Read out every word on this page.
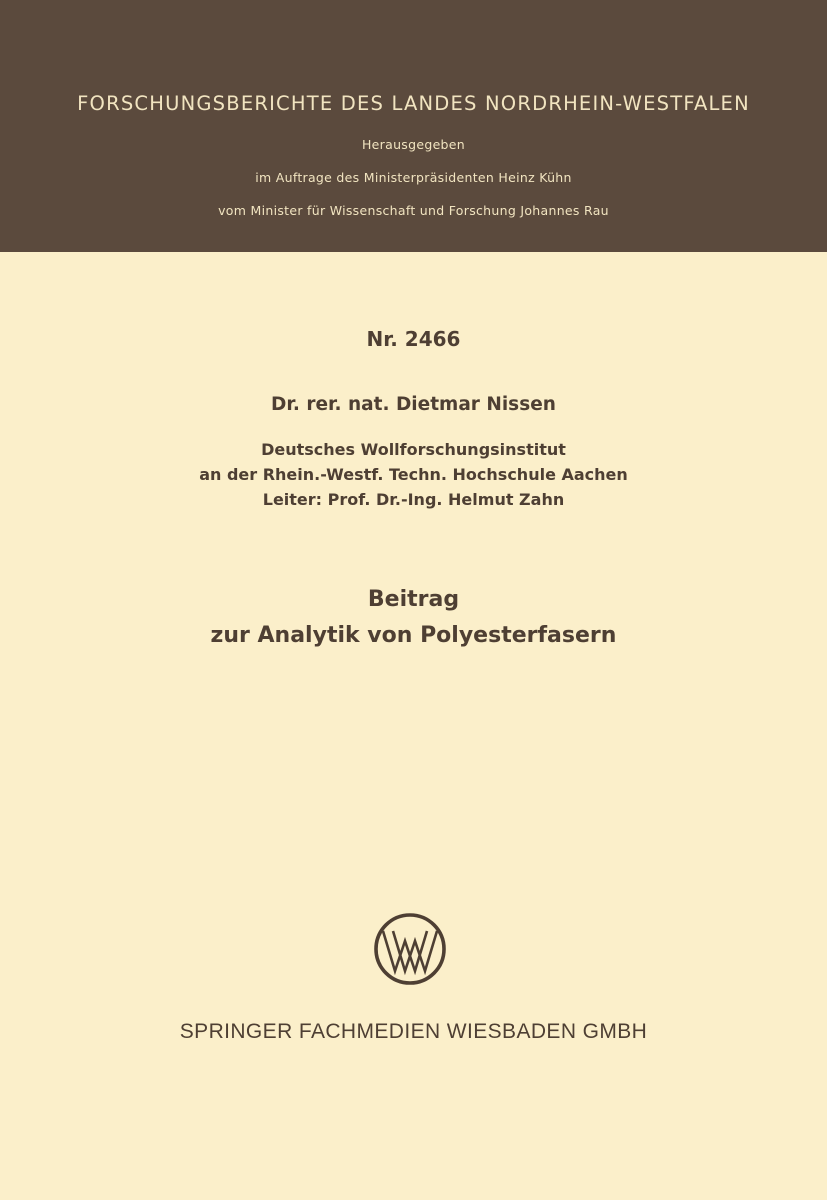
FORSCHUNGSBERICHTE DES LANDES NORDRHEIN-WESTFALEN
Herausgegeben
im Auftrage des Ministerpräsidenten Heinz Kühn
vom Minister für Wissenschaft und Forschung Johannes Rau
Nr. 2466
Dr. rer. nat. Dietmar Nissen
Deutsches Wollforschungsinstitut
an der Rhein.-Westf. Techn. Hochschule Aachen
Leiter: Prof. Dr.-Ing. Helmut Zahn
Beitrag
zur Analytik von Polyesterfasern
SPRINGER FACHMEDIEN WIESBADEN GMBH
